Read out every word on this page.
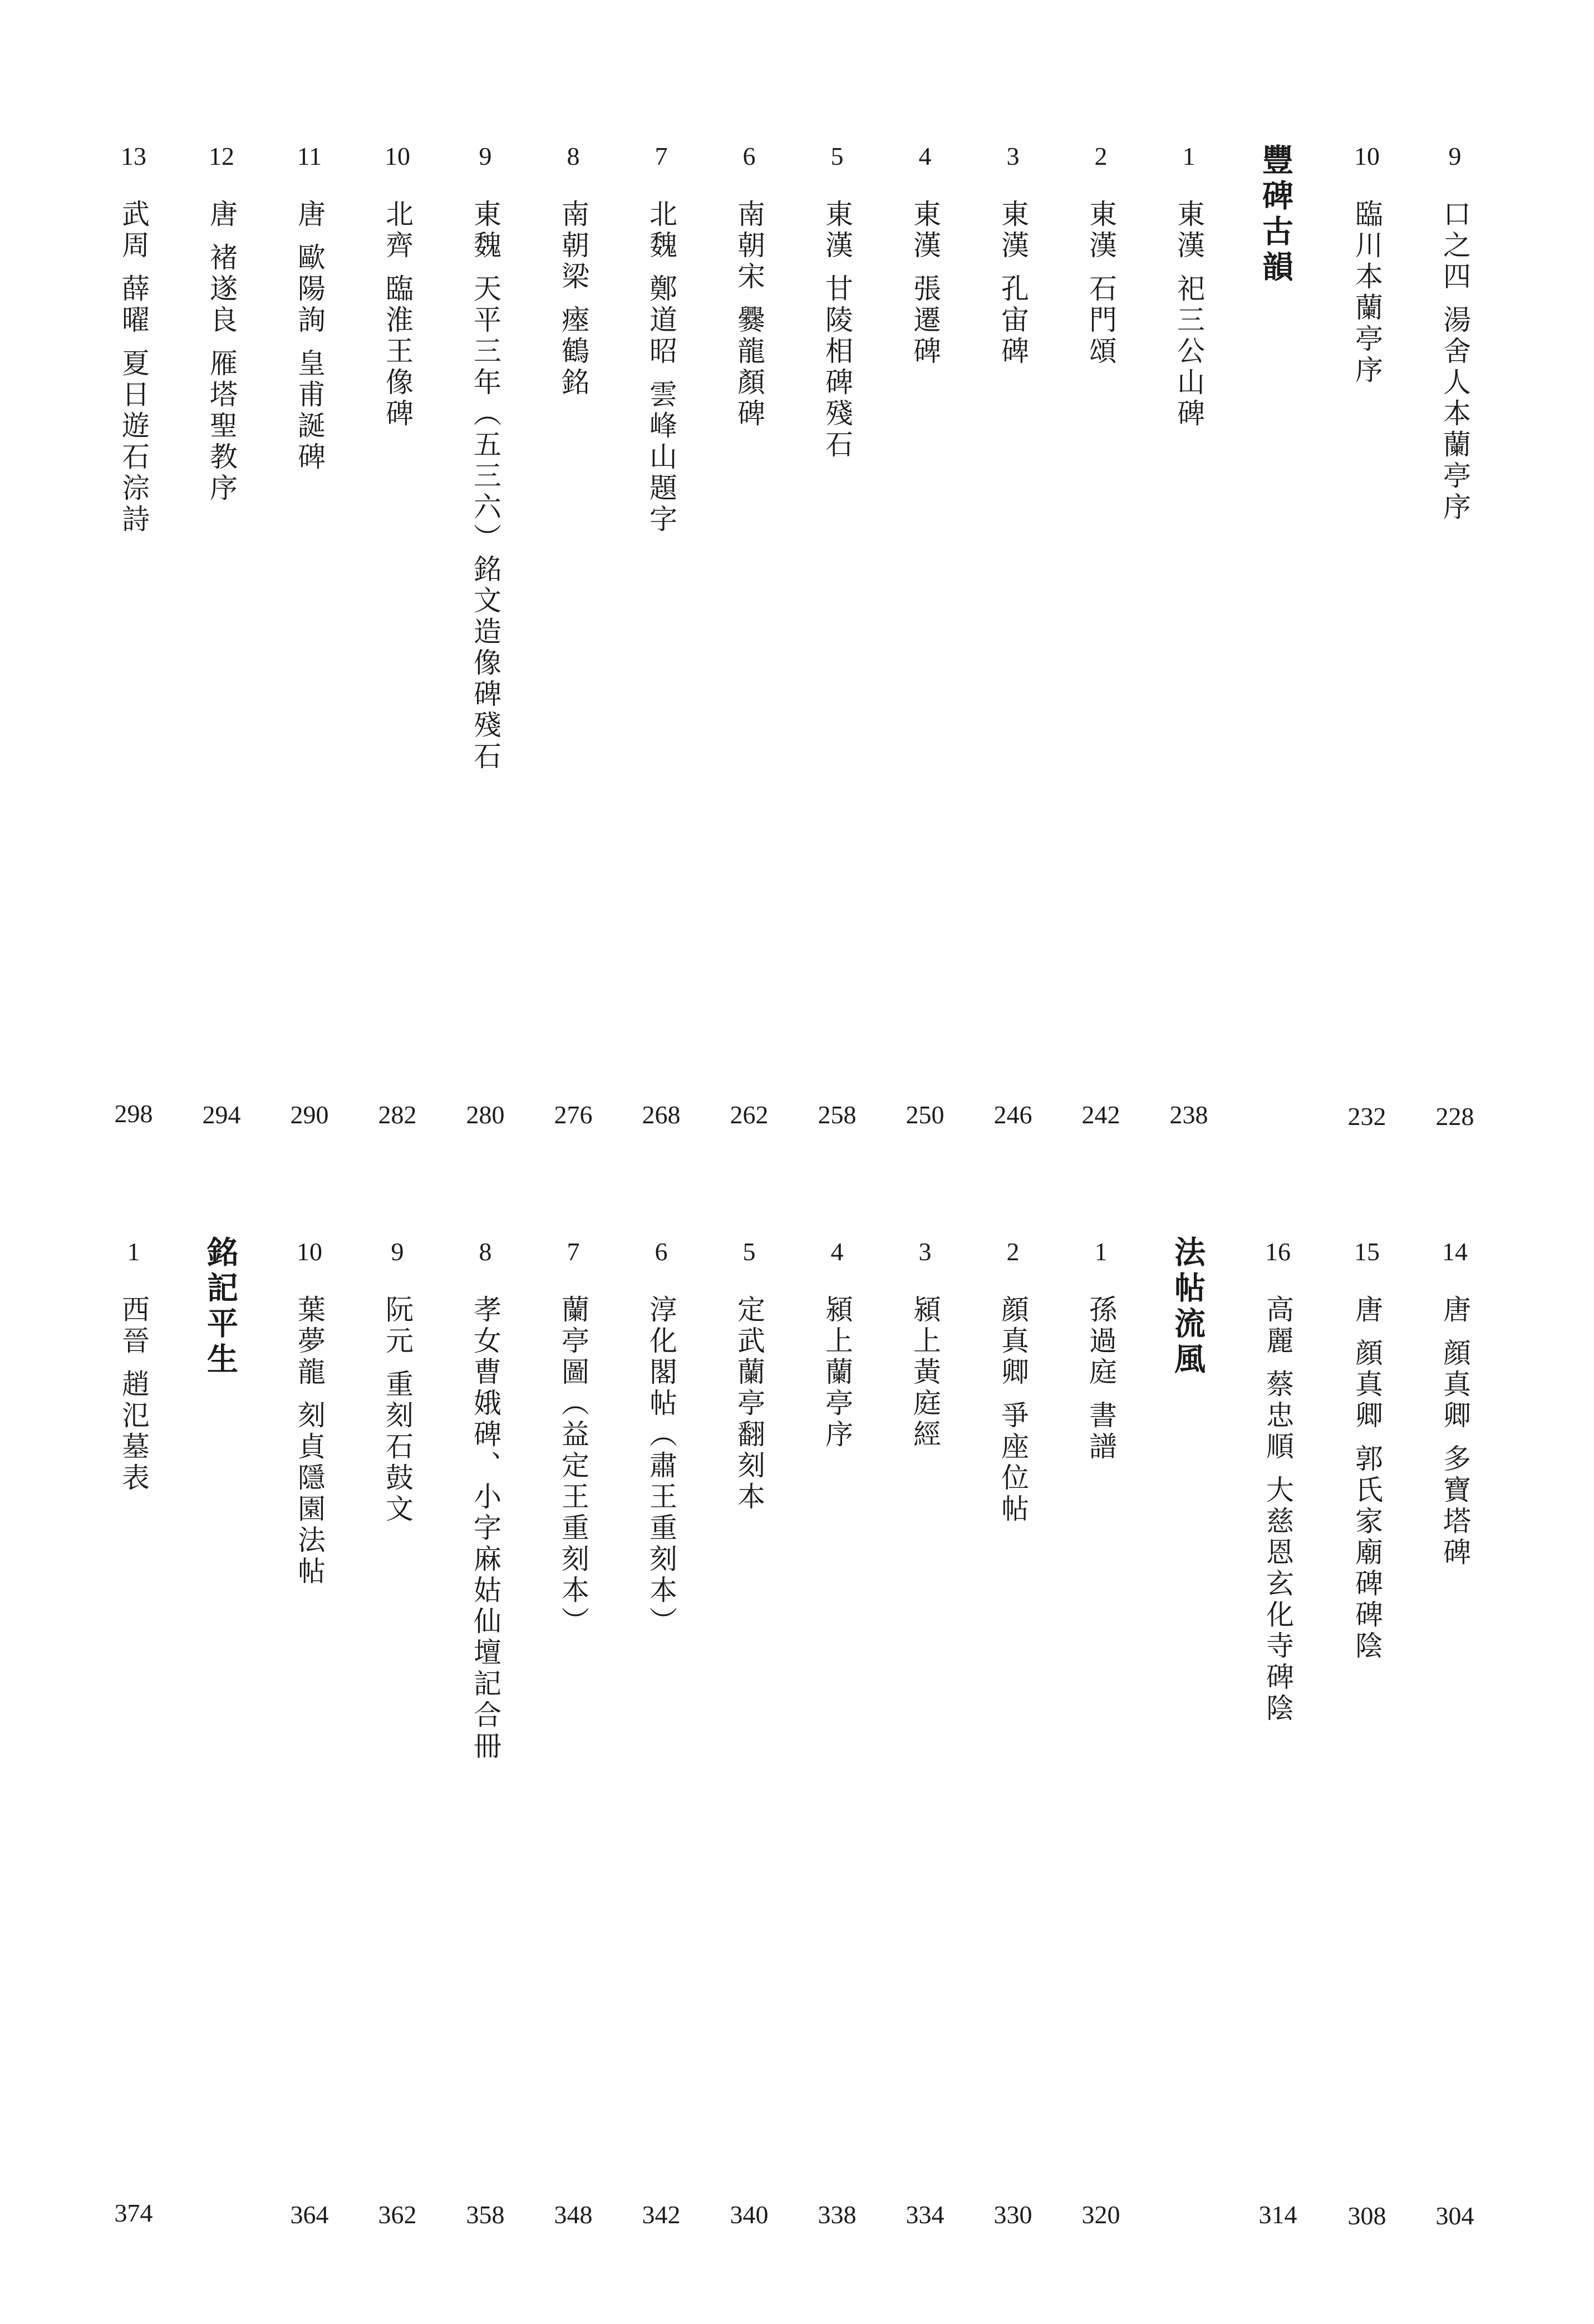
9
口之四 湯舍人本蘭亭序
228
10
臨川本蘭亭序
232
豐碑古韻
1
東漢 祀三公山碑
238
2
東漢 石門頌
242
3
東漢 孔宙碑
246
4
東漢 張遷碑
250
5
東漢 甘陵相碑殘石
258
6
南朝宋 爨龍顏碑
262
7
北魏 鄭道昭 雲峰山題字
268
8
南朝梁 瘞鶴銘
276
9
東魏 天平三年（五三六）銘文造像碑殘石
280
10
北齊 臨淮王像碑
282
11
唐 歐陽詢 皇甫誕碑
290
12
唐 褚遂良 雁塔聖教序
294
13
武周 薛曜 夏日遊石淙詩
298
14
唐 顔真卿 多寶塔碑
304
15
唐 顔真卿 郭氏家廟碑碑陰
308
16
高麗 蔡忠順 大慈恩玄化寺碑陰
314
法帖流風
1
孫過庭 書譜
320
2
顔真卿 爭座位帖
330
3
潁上黃庭經
334
4
潁上蘭亭序
338
5
定武蘭亭翻刻本
340
6
淳化閣帖（肅王重刻本）
342
7
蘭亭圖（益定王重刻本）
348
8
孝女曹娥碑、小字麻姑仙壇記合冊
358
9
阮元 重刻石鼓文
362
10
葉夢龍 刻貞隱園法帖
364
銘記平生
1
西晉 趙氾墓表
374
